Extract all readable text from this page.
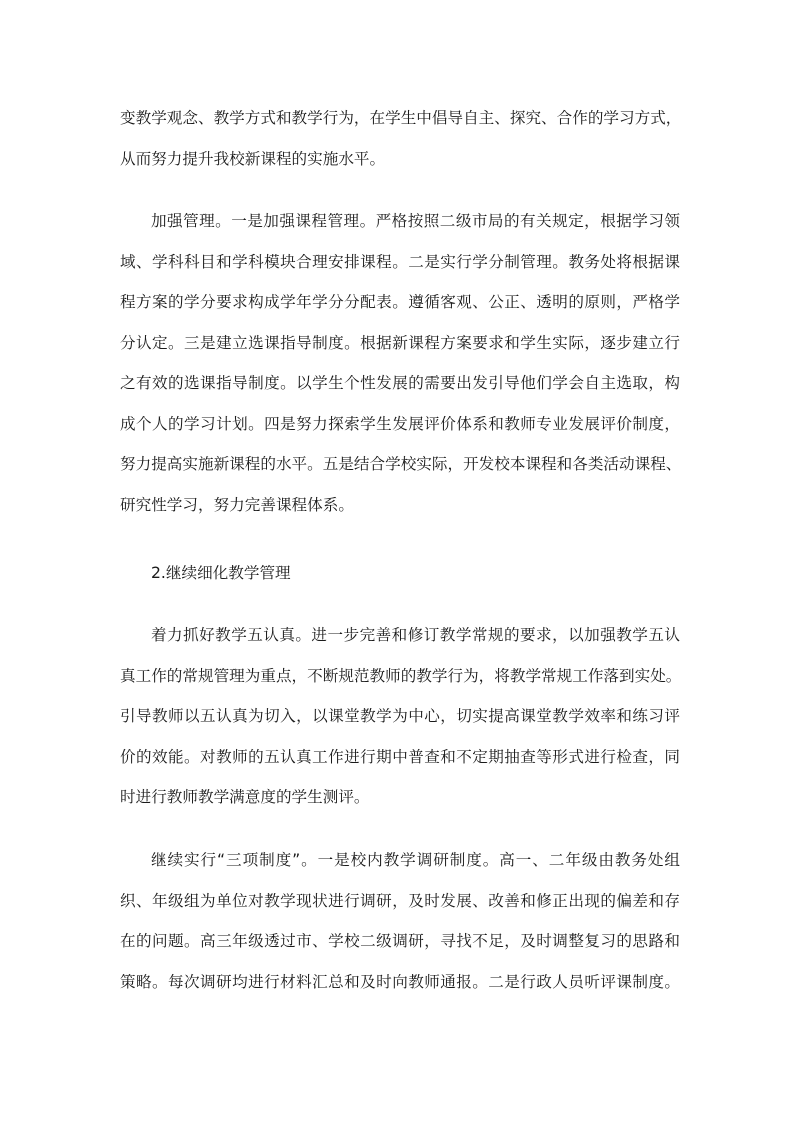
变教学观念、教学方式和教学行为，在学生中倡导自主、探究、合作的学习方式，
从而努力提升我校新课程的实施水平。
加强管理。一是加强课程管理。严格按照二级市局的有关规定，根据学习领
域、学科科目和学科模块合理安排课程。二是实行学分制管理。教务处将根据课
程方案的学分要求构成学年学分分配表。遵循客观、公正、透明的原则，严格学
分认定。三是建立选课指导制度。根据新课程方案要求和学生实际，逐步建立行
之有效的选课指导制度。以学生个性发展的需要出发引导他们学会自主选取，构
成个人的学习计划。四是努力探索学生发展评价体系和教师专业发展评价制度，
努力提高实施新课程的水平。五是结合学校实际，开发校本课程和各类活动课程、
研究性学习，努力完善课程体系。
2.继续细化教学管理
着力抓好教学五认真。进一步完善和修订教学常规的要求，以加强教学五认
真工作的常规管理为重点，不断规范教师的教学行为，将教学常规工作落到实处。
引导教师以五认真为切入，以课堂教学为中心，切实提高课堂教学效率和练习评
价的效能。对教师的五认真工作进行期中普查和不定期抽查等形式进行检查，同
时进行教师教学满意度的学生测评。
继续实行“三项制度”。一是校内教学调研制度。高一、二年级由教务处组
织、年级组为单位对教学现状进行调研，及时发展、改善和修正出现的偏差和存
在的问题。高三年级透过市、学校二级调研，寻找不足，及时调整复习的思路和
策略。每次调研均进行材料汇总和及时向教师通报。二是行政人员听评课制度。
